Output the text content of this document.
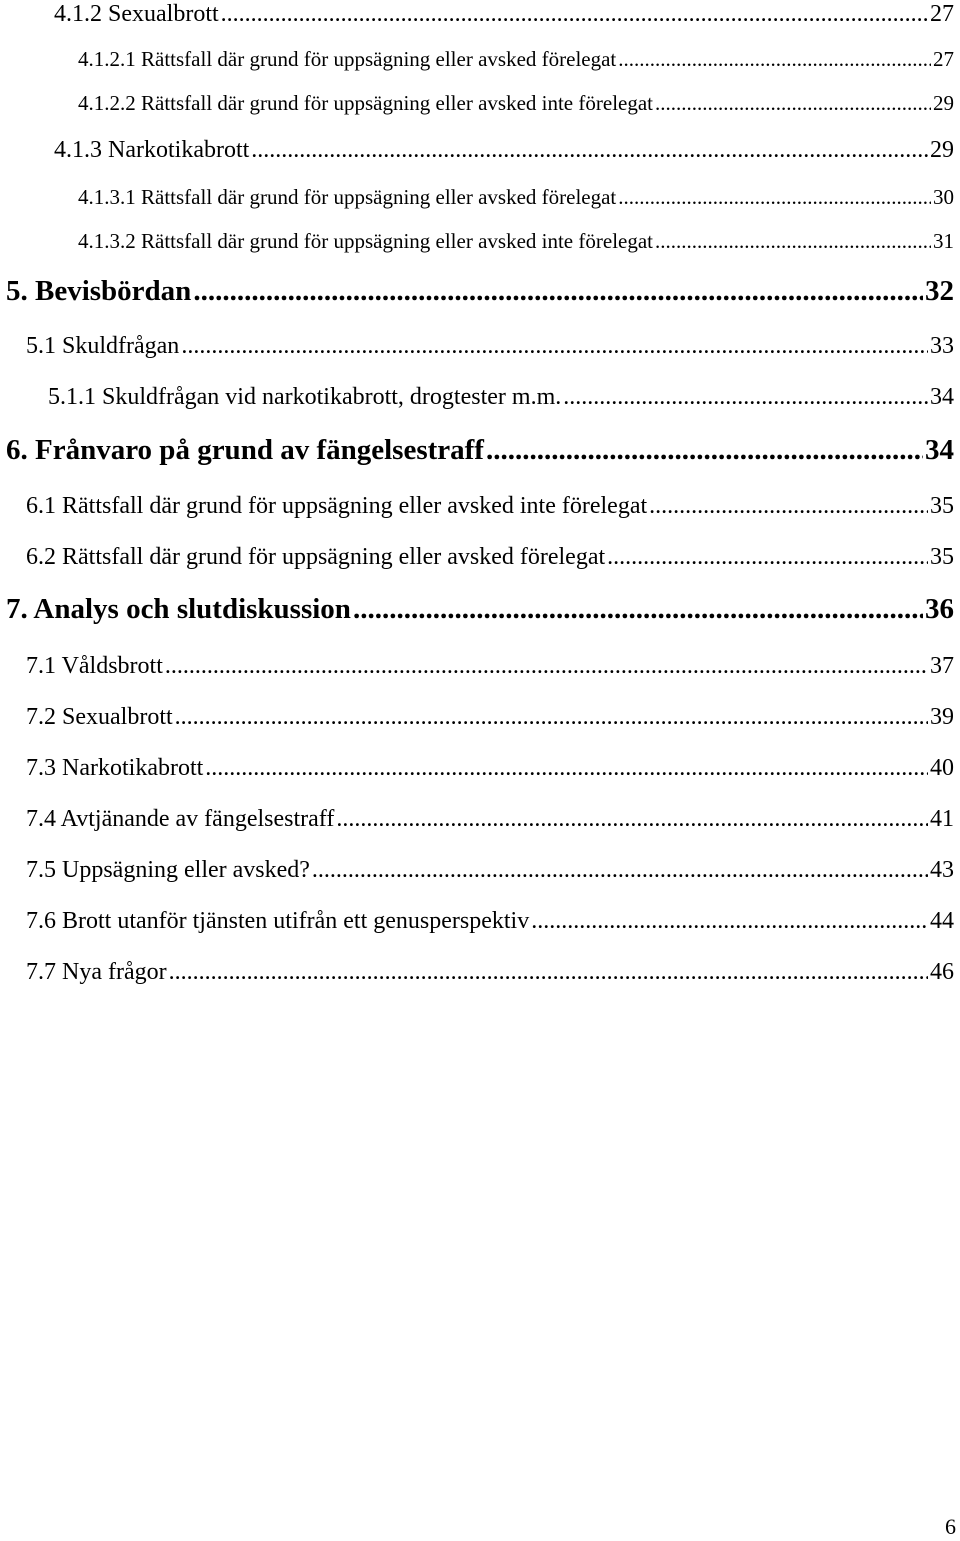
4.1.2 Sexualbrott .....	27
4.1.2.1 Rättsfall där grund för uppsägning eller avsked förelegat .....	27
4.1.2.2 Rättsfall där grund för uppsägning eller avsked inte förelegat .....	29
4.1.3 Narkotikabrott .....	29
4.1.3.1 Rättsfall där grund för uppsägning eller avsked förelegat .....	30
4.1.3.2 Rättsfall där grund för uppsägning eller avsked inte förelegat .....	31
5. Bevisbördan .....	32
5.1 Skuldfrågan .....	33
5.1.1 Skuldfrågan vid narkotikabrott, drogtester m.m. .....	34
6. Frånvaro på grund av fängelsestraff .....	34
6.1 Rättsfall där grund för uppsägning eller avsked inte förelegat .....	35
6.2 Rättsfall där grund för uppsägning eller avsked förelegat .....	35
7. Analys och slutdiskussion .....	36
7.1 Våldsbrott .....	37
7.2 Sexualbrott .....	39
7.3 Narkotikabrott .....	40
7.4 Avtjänande av fängelsestraff .....	41
7.5 Uppsägning eller avsked? .....	43
7.6 Brott utanför tjänsten utifrån ett genusperspektiv .....	44
7.7 Nya frågor .....	46
6
